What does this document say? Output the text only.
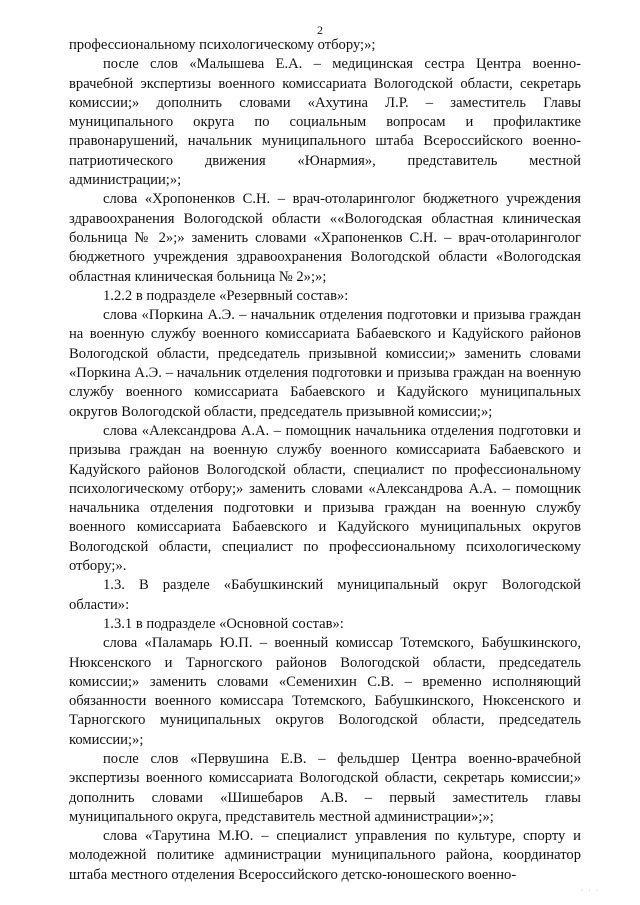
2

профессиональному психологическому отбору;»;

после слов «Малышева Е.А. – медицинская сестра Центра военно-врачебной экспертизы военного комиссариата Вологодской области, секретарь комиссии;» дополнить словами «Ахутина Л.Р. – заместитель Главы муниципального округа по социальным вопросам и профилактике правонарушений, начальник муниципального штаба Всероссийского военно-патриотического движения «Юнармия», представитель местной администрации;»;

слова «Хропоненков С.Н. – врач-отоларинголог бюджетного учреждения здравоохранения Вологодской области ««Вологодская областная клиническая больница № 2»;» заменить словами «Храпоненков С.Н. – врач-отоларинголог бюджетного учреждения здравоохранения Вологодской области «Вологодская областная клиническая больница № 2»;»;

1.2.2 в подразделе «Резервный состав»:

слова «Поркина А.Э. – начальник отделения подготовки и призыва граждан на военную службу военного комиссариата Бабаевского и Кадуйского районов Вологодской области, председатель призывной комиссии;» заменить словами «Поркина А.Э. – начальник отделения подготовки и призыва граждан на военную службу военного комиссариата Бабаевского и Кадуйского муниципальных округов Вологодской области, председатель призывной комиссии;»;

слова «Александрова А.А. – помощник начальника отделения подготовки и призыва граждан на военную службу военного комиссариата Бабаевского и Кадуйского районов Вологодской области, специалист по профессиональному психологическому отбору;» заменить словами «Александрова А.А. – помощник начальника отделения подготовки и призыва граждан на военную службу военного комиссариата Бабаевского и Кадуйского муниципальных округов Вологодской области, специалист по профессиональному психологическому отбору;».

1.3. В разделе «Бабушкинский муниципальный округ Вологодской области»:

1.3.1 в подразделе «Основной состав»:

слова «Паламарь Ю.П. – военный комиссар Тотемского, Бабушкинского, Нюксенского и Тарногского районов Вологодской области, председатель комиссии;» заменить словами «Семенихин С.В. – временно исполняющий обязанности военного комиссара Тотемского, Бабушкинского, Нюксенского и Тарногского муниципальных округов Вологодской области, председатель комиссии;»;

после слов «Первушина Е.В. – фельдшер Центра военно-врачебной экспертизы военного комиссариата Вологодской области, секретарь комиссии;» дополнить словами «Шишебаров А.В. – первый заместитель главы муниципального округа, представитель местной администрации»;»;

слова «Тарутина М.Ю. – специалист управления по культуре, спорту и молодежной политике администрации муниципального района, координатор штаба местного отделения Всероссийского детско-юношеского военно-

· · ·
